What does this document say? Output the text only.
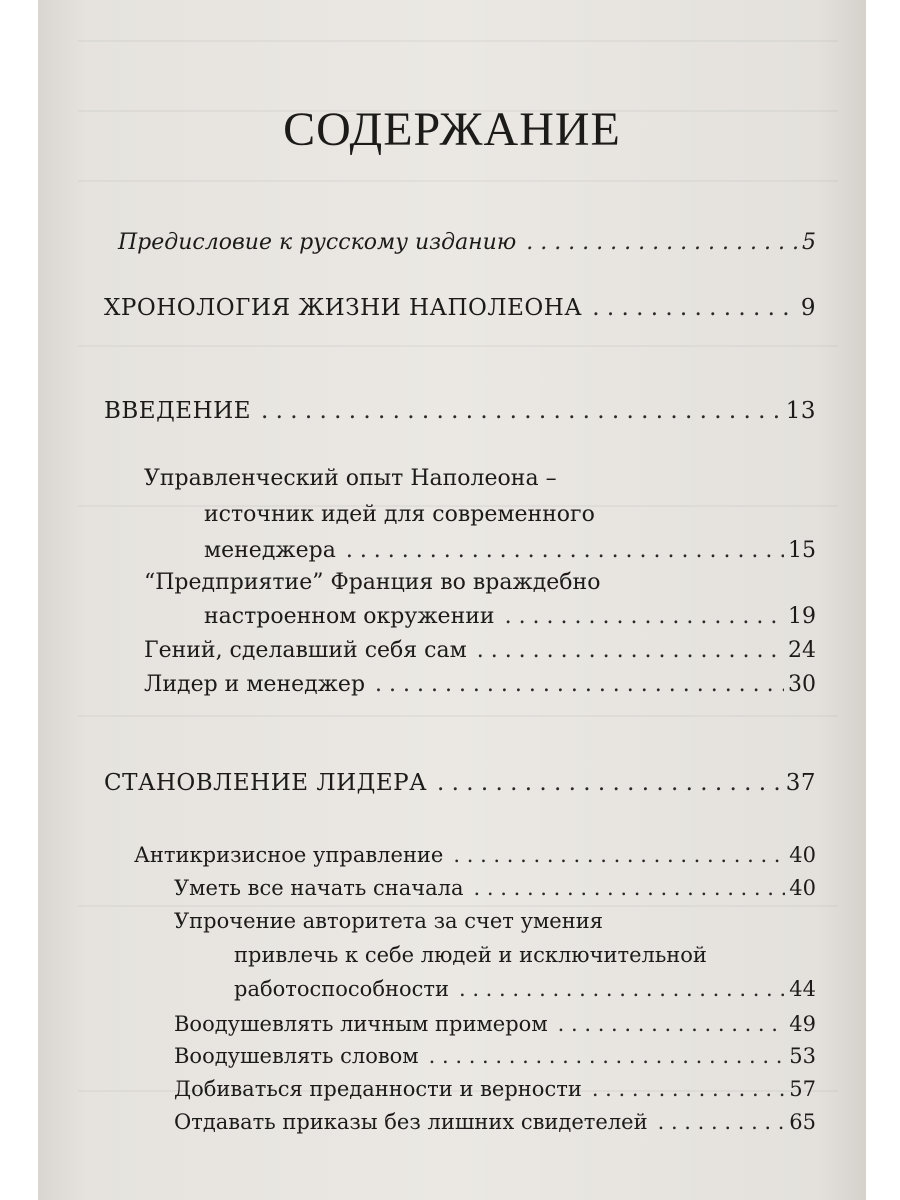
СОДЕРЖАНИЕ
Предисловие к русскому изданию . . .	5
ХРОНОЛОГИЯ ЖИЗНИ НАПОЛЕОНА . . .	9
ВВЕДЕНИЕ . . .	13
Управленческий опыт Наполеона –
источник идей для современного
менеджера . . .	15
“Предприятие” Франция во враждебно
настроенном окружении . . .	19
Гений, сделавший себя сам . . .	24
Лидер и менеджер . . .	30
СТАНОВЛЕНИЕ ЛИДЕРА . . .	37
Антикризисное управление . . .	40
Уметь все начать сначала . . .	40
Упрочение авторитета за счет умения
привлечь к себе людей и исключительной
работоспособности . . .	44
Воодушевлять личным примером . . .	49
Воодушевлять словом . . .	53
Добиваться преданности и верности . . .	57
Отдавать приказы без лишних свидетелей . . .	65
